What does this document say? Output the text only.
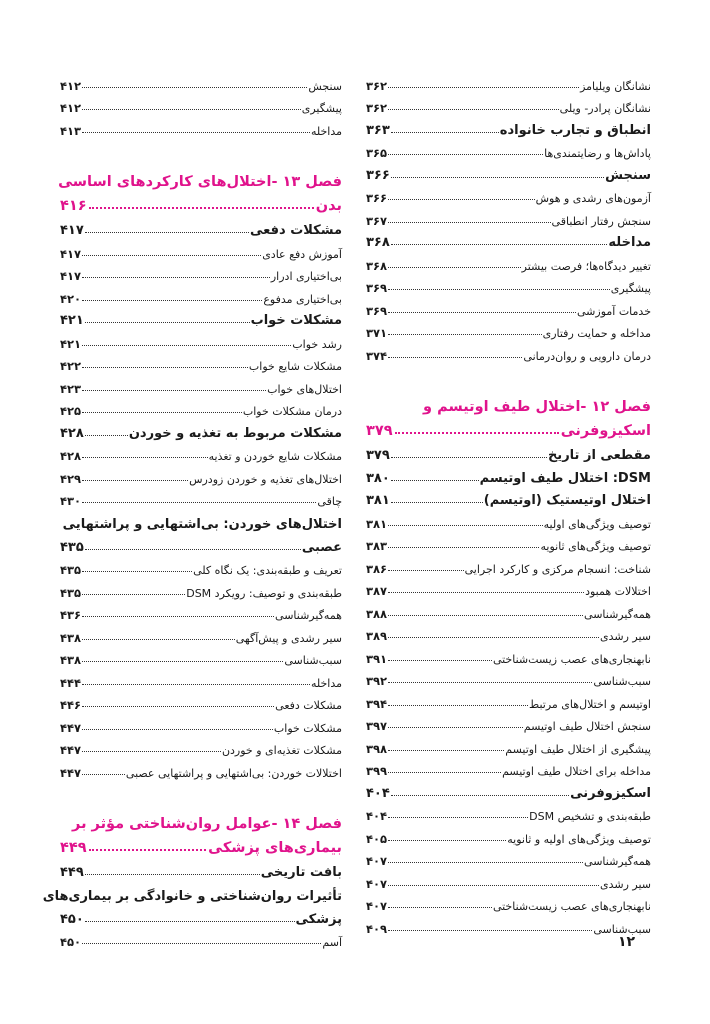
نشانگان ویلیامز
۳۶۲
نشانگان پرادر- ویلی
۳۶۲
انطباق و تجارب خانواده
۳۶۳
پاداش‌ها و رضایتمندی‌ها
۳۶۵
سنجش
۳۶۶
آزمون‌های رشدی و هوش
۳۶۶
سنجش رفتار انطباقی
۳۶۷
مداخله
۳۶۸
تغییر دیدگاه‌ها؛ فرصت بیشتر
۳۶۸
پیشگیری
۳۶۹
خدمات آموزشی
۳۶۹
مداخله و حمایت رفتاری
۳۷۱
درمان دارویی و روان‌درمانی
۳۷۴
فصل ۱۲ -اختلال طیف اوتیسم و
اسکیزوفرنی
۳۷۹
مقطعی از تاریخ
۳۷۹
DSM: اختلال طیف اوتیسم
۳۸۰
اختلال اوتیستیک (اوتیسم)
۳۸۱
توصیف ویژگی‌های اولیه
۳۸۱
توصیف ویژگی‌های ثانویه
۳۸۳
شناخت: انسجام مرکزی و کارکرد اجرایی
۳۸۶
اختلالات همبود
۳۸۷
همه‌گیرشناسی
۳۸۸
سیر رشدی
۳۸۹
نابهنجاری‌های عصب زیست‌شناختی
۳۹۱
سبب‌شناسی
۳۹۲
اوتیسم و اختلال‌های مرتبط
۳۹۴
سنجش اختلال طیف اوتیسم
۳۹۷
پیشگیری از اختلال طیف اوتیسم
۳۹۸
مداخله برای اختلال طیف اوتیسم
۳۹۹
اسکیزوفرنی
۴۰۴
طبقه‌بندی و تشخیص DSM
۴۰۴
توصیف ویژگی‌های اولیه و ثانویه
۴۰۵
همه‌گیرشناسی
۴۰۷
سیر رشدی
۴۰۷
نابهنجاری‌های عصب زیست‌شناختی
۴۰۷
سبب‌شناسی
۴۰۹
سنجش
۴۱۲
پیشگیری
۴۱۲
مداخله
۴۱۳
فصل ۱۳ -اختلال‌های کارکردهای اساسی
بدن
۴۱۶
مشکلات دفعی
۴۱۷
آموزش دفع عادی
۴۱۷
بی‌اختیاری ادرار
۴۱۷
بی‌اختیاری مدفوع
۴۲۰
مشکلات خواب
۴۲۱
رشد خواب
۴۲۱
مشکلات شایع خواب
۴۲۲
اختلال‌های خواب
۴۲۳
درمان مشکلات خواب
۴۲۵
مشکلات مربوط به تغذیه و خوردن
۴۲۸
مشکلات شایع خوردن و تغذیه
۴۲۸
اختلال‌های تغذیه و خوردن زودرس
۴۲۹
چاقی
۴۳۰
اختلال‌های خوردن: بی‌اشتهایی و پراشتهایی
عصبی
۴۳۵
تعریف و طبقه‌بندی: یک نگاه کلی
۴۳۵
طبقه‌بندی و توصیف: رویکرد DSM
۴۳۵
همه‌گیرشناسی
۴۳۶
سیر رشدی و پیش‌آگهی
۴۳۸
سبب‌شناسی
۴۳۸
مداخله
۴۴۴
مشکلات دفعی
۴۴۶
مشکلات خواب
۴۴۷
مشکلات تغذیه‌ای و خوردن
۴۴۷
اختلالات خوردن: بی‌اشتهایی و پراشتهایی عصبی
۴۴۷
فصل ۱۴ -عوامل روان‌شناختی مؤثر بر
بیماری‌های پزشکی
۴۴۹
بافت تاریخی
۴۴۹
تأثیرات روان‌شناختی و خانوادگی بر بیماری‌های
پزشکی
۴۵۰
آسم
۴۵۰	۱۲
